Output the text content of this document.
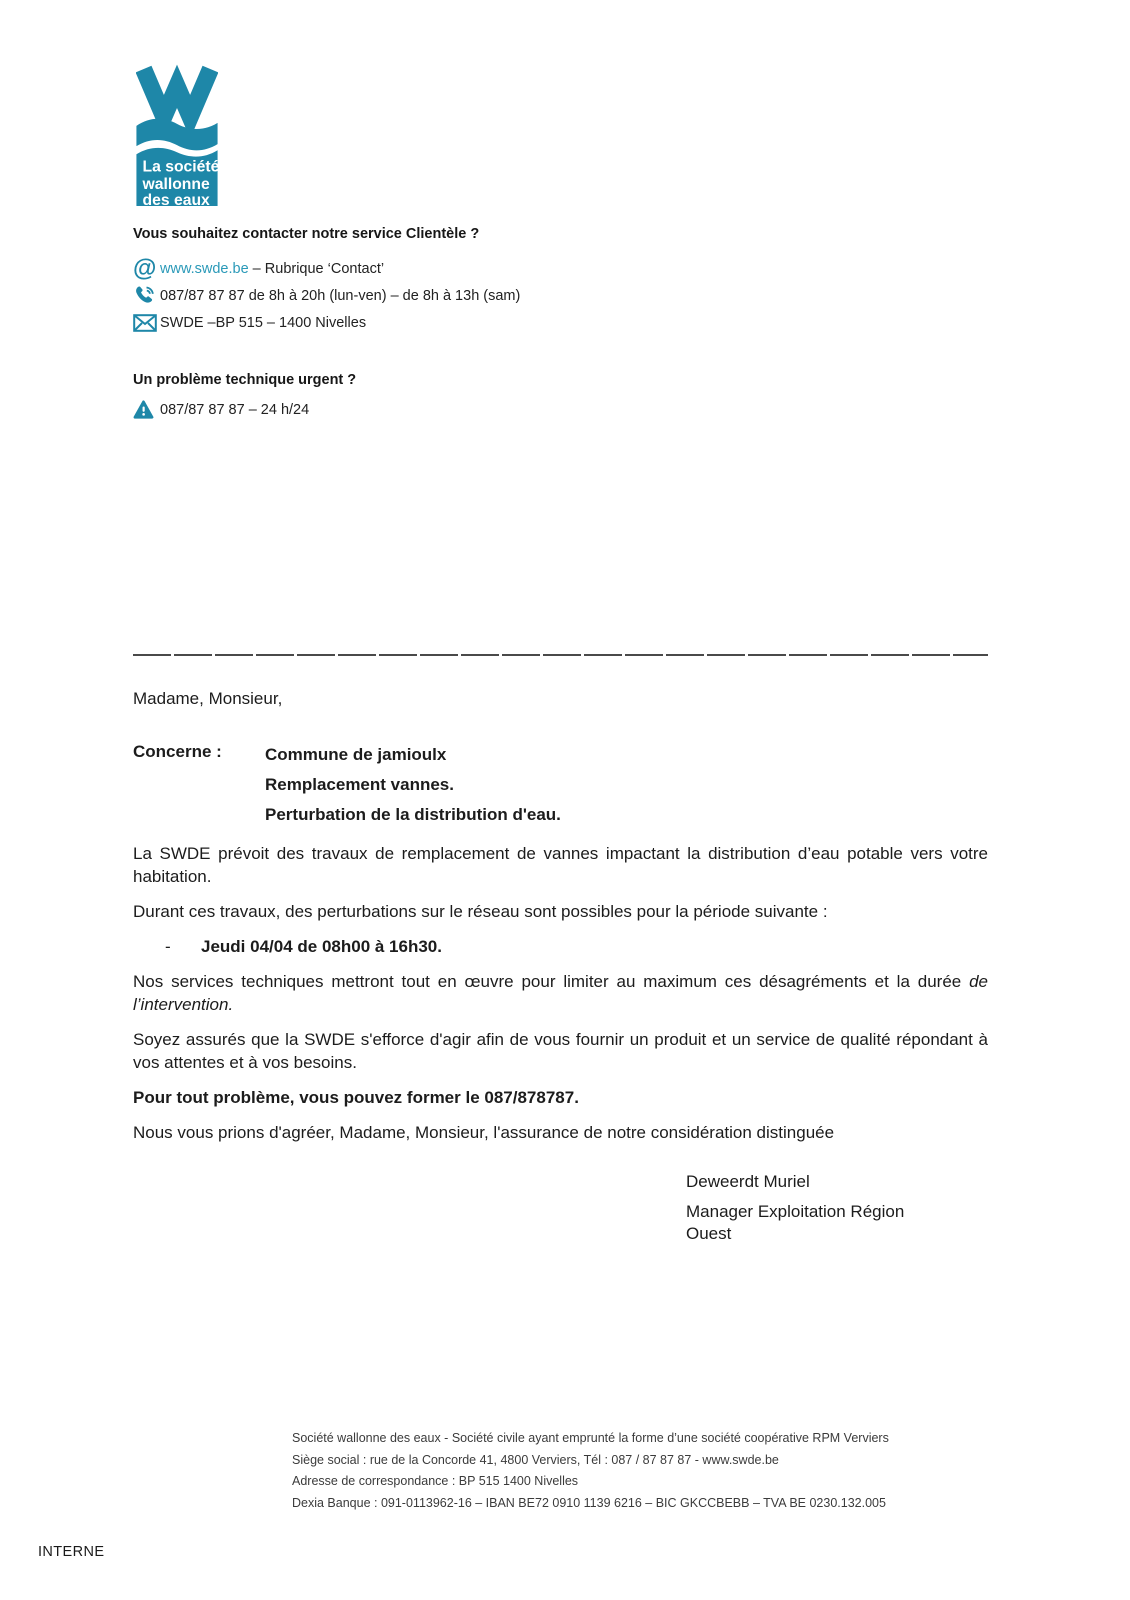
La société
wallonne
des eaux
Vous souhaitez contacter notre service Clientèle ?
@ www.swde.be – Rubrique ‘Contact’
087/87 87 87 de 8h à 20h (lun-ven) – de 8h à 13h (sam)
SWDE –BP 515 – 1400 Nivelles
Un problème technique urgent ?
087/87 87 87 – 24 h/24
Madame, Monsieur,
Concerne :	Commune de jamioulx
Remplacement vannes.
Perturbation de la distribution d'eau.

La SWDE prévoit des travaux de remplacement de vannes impactant la distribution d’eau potable vers votre habitation.

Durant ces travaux, des perturbations sur le réseau sont possibles pour la période suivante :

-	Jeudi 04/04 de 08h00 à 16h30.

Nos services techniques mettront tout en œuvre pour limiter au maximum ces désagréments et la durée de l’intervention.

Soyez assurés que la SWDE s'efforce d'agir afin de vous fournir un produit et un service de qualité répondant à vos attentes et à vos besoins.

Pour tout problème, vous pouvez former le 087/878787.

Nous vous prions d'agréer, Madame, Monsieur, l'assurance de notre considération distinguée

Deweerdt Muriel
Manager Exploitation Région Ouest
Société wallonne des eaux - Société civile ayant emprunté la forme d’une société coopérative RPM Verviers
Siège social : rue de la Concorde 41, 4800 Verviers, Tél : 087 / 87 87 87 - www.swde.be
Adresse de correspondance : BP 515 1400 Nivelles
Dexia Banque : 091-0113962-16 – IBAN BE72 0910 1139 6216 – BIC GKCCBEBB – TVA BE 0230.132.005
INTERNE
